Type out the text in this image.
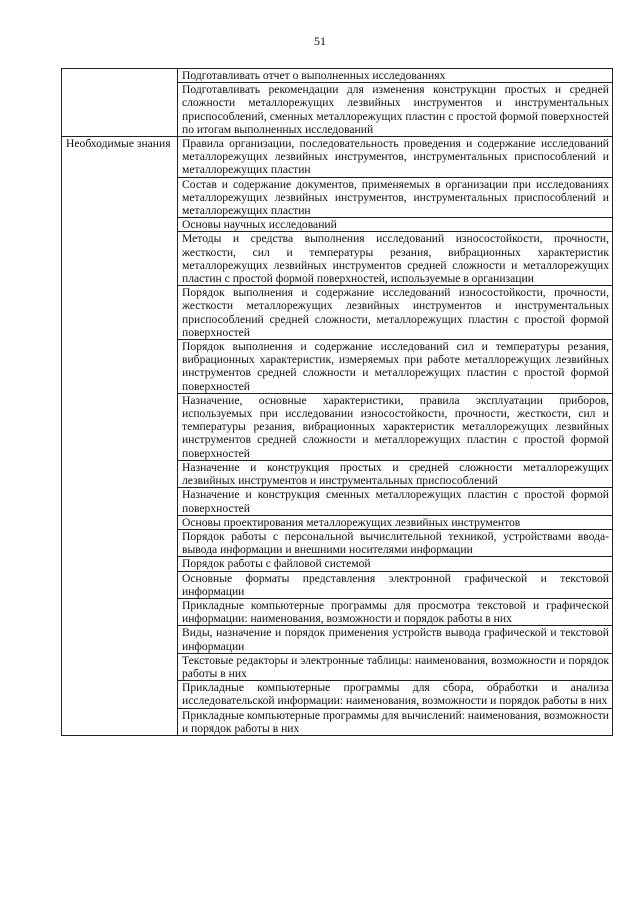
51
	Подготавливать отчет о выполненных исследованиях
	Подготавливать рекомендации для изменения конструкции простых и средней сложности металлорежущих лезвийных инструментов и инструментальных приспособлений, сменных металлорежущих пластин с простой формой поверхностей по итогам выполненных исследований
Необходимые знания	Правила организации, последовательность проведения и содержание исследований металлорежущих лезвийных инструментов, инструментальных приспособлений и металлорежущих пластин
	Состав и содержание документов, применяемых в организации при исследованиях металлорежущих лезвийных инструментов, инструментальных приспособлений и металлорежущих пластин
	Основы научных исследований
	Методы и средства выполнения исследований износостойкости, прочности, жесткости, сил и температуры резания, вибрационных характеристик металлорежущих лезвийных инструментов средней сложности и металлорежущих пластин с простой формой поверхностей, используемые в организации
	Порядок выполнения и содержание исследований износостойкости, прочности, жесткости металлорежущих лезвийных инструментов и инструментальных приспособлений средней сложности, металлорежущих пластин с простой формой поверхностей
	Порядок выполнения и содержание исследований сил и температуры резания, вибрационных характеристик, измеряемых при работе металлорежущих лезвийных инструментов средней сложности и металлорежущих пластин с простой формой поверхностей
	Назначение, основные характеристики, правила эксплуатации приборов, используемых при исследовании износостойкости, прочности, жесткости, сил и температуры резания, вибрационных характеристик металлорежущих лезвийных инструментов средней сложности и металлорежущих пластин с простой формой поверхностей
	Назначение и конструкция простых и средней сложности металлорежущих лезвийных инструментов и инструментальных приспособлений
	Назначение и конструкция сменных металлорежущих пластин с простой формой поверхностей
	Основы проектирования металлорежущих лезвийных инструментов
	Порядок работы с персональной вычислительной техникой, устройствами ввода-вывода информации и внешними носителями информации
	Порядок работы с файловой системой
	Основные форматы представления электронной графической и текстовой информации
	Прикладные компьютерные программы для просмотра текстовой и графической информации: наименования, возможности и порядок работы в них
	Виды, назначение и порядок применения устройств вывода графической и текстовой информации
	Текстовые редакторы и электронные таблицы: наименования, возможности и порядок работы в них
	Прикладные компьютерные программы для сбора, обработки и анализа исследовательской информации: наименования, возможности и порядок работы в них
	Прикладные компьютерные программы для вычислений: наименования, возможности и порядок работы в них
